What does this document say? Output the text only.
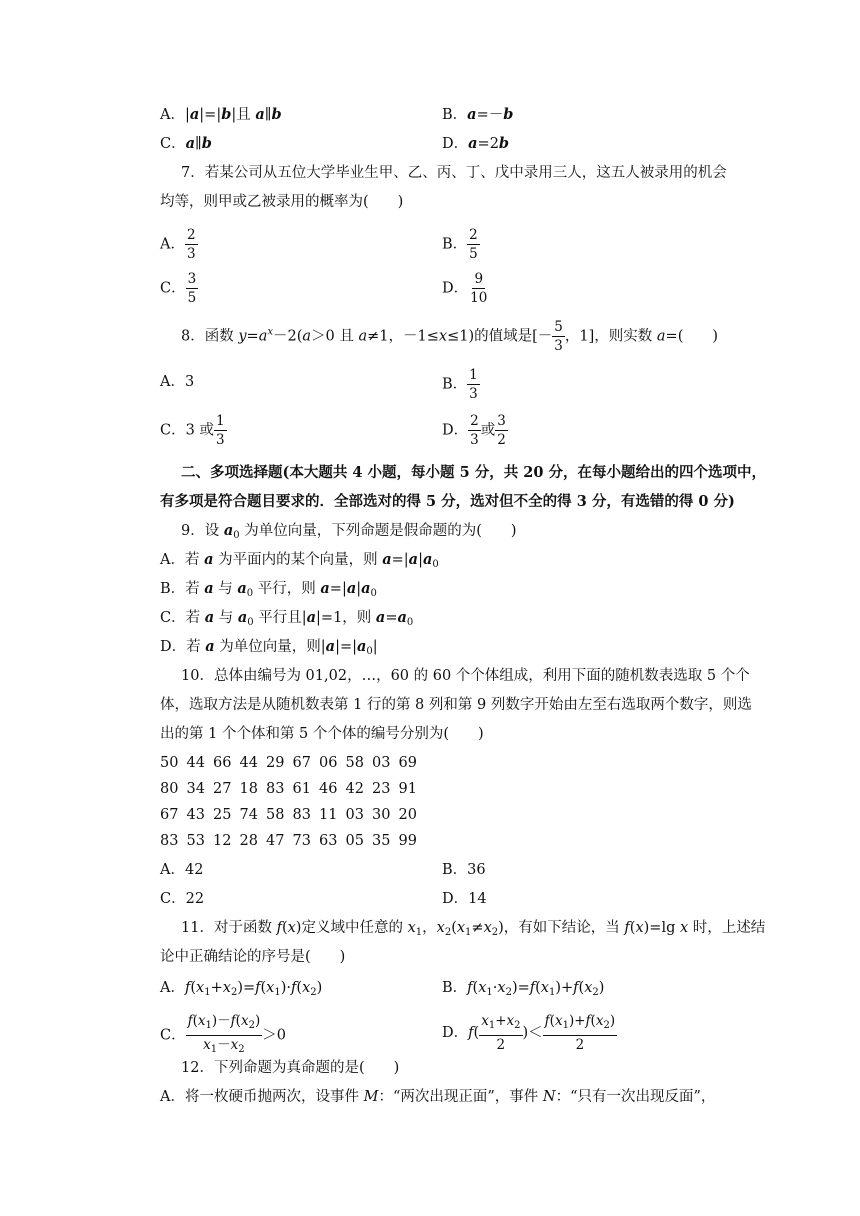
A．|a|=|b|且 a∥b	B．a=－b
C．a∥b	D．a=2b
7．若某公司从五位大学毕业生甲、乙、丙、丁、戊中录用三人，这五人被录用的机会
均等，则甲或乙被录用的概率为(　　)
A． $\frac{2}{3}$	B． $\frac{2}{5}$
C． $\frac{3}{5}$	D． $\frac{9}{10}$
8．函数 $y=a^x-2(a>0$ 且 a≠1，－1≤x≤1)的值域是[－ $\frac{5}{3}$ ，1]，则实数 a=(　　)
A．3	B． $\frac{1}{3}$
C．3 或 $\frac{1}{3}$	D． $\frac{2}{3}$ 或 $\frac{3}{2}$
二、多项选择题(本大题共 4 小题，每小题 5 分，共 20 分，在每小题给出的四个选项中，
有多项是符合题目要求的．全部选对的得 5 分，选对但不全的得 3 分，有选错的得 0 分)
9．设 $a_0$ 为单位向量，下列命题是假命题的为(　　)
A．若 a 为平面内的某个向量，则 $a=|a|a_0$
B．若 a 与 $a_0$ 平行，则 $a=|a|a_0$
C．若 a 与 $a_0$ 平行且|a|=1，则 $a=a_0$
D．若 a 为单位向量，则$|a|=|a_0|$
10．总体由编号为 01,02，…，60 的 60 个个体组成，利用下面的随机数表选取 5 个个
体，选取方法是从随机数表第 1 行的第 8 列和第 9 列数字开始由左至右选取两个数字，则选
出的第 1 个个体和第 5 个个体的编号分别为(　　)
50 44 66 44 29 67 06 58 03 69
80 34 27 18 83 61 46 42 23 91
67 43 25 74 58 83 11 03 30 20
83 53 12 28 47 73 63 05 35 99
A．42	B．36
C．22	D．14
11．对于函数 f(x)定义域中任意的 $x_1$，$x_2(x_1\ne x_2)$，有如下结论，当 f(x)=lg x 时，上述结
论中正确结论的序号是(　　)
A．$f(x_1+x_2)=f(x_1)\cdot f(x_2)$	B．$f(x_1\cdot x_2)=f(x_1)+f(x_2)$
C． $\frac{f(x_1)-f(x_2)}{x_1-x_2} >0$	D．$f( \frac{x_1+x_2}{2}$ )＜ $\frac{f(x_1)+f(x_2)}{2}$
12．下列命题为真命题的是(　　)
A．将一枚硬币抛两次，设事件 M：“两次出现正面”，事件 N：“只有一次出现反面”，
